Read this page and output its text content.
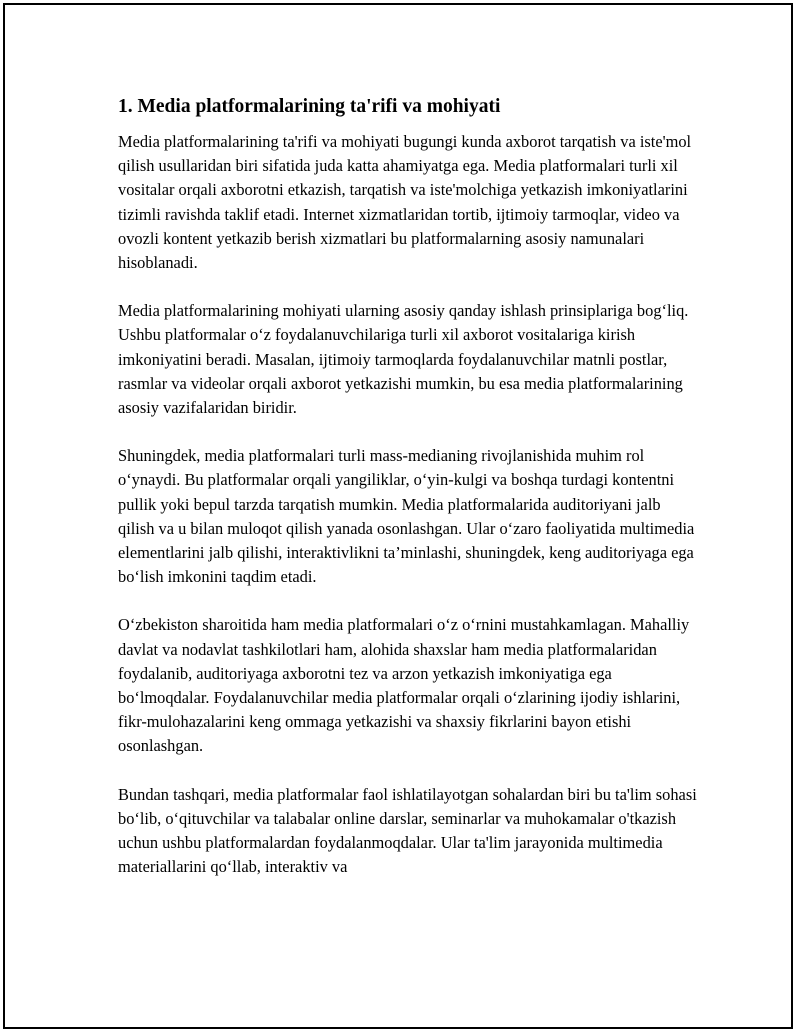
1. Media platformalarining ta'rifi va mohiyati

Media platformalarining ta'rifi va mohiyati bugungi kunda axborot tarqatish va iste'mol qilish usullaridan biri sifatida juda katta ahamiyatga ega. Media platformalari turli xil vositalar orqali axborotni etkazish, tarqatish va iste'molchiga yetkazish imkoniyatlarini tizimli ravishda taklif etadi. Internet xizmatlaridan tortib, ijtimoiy tarmoqlar, video va ovozli kontent yetkazib berish xizmatlari bu platformalarning asosiy namunalari hisoblanadi.

Media platformalarining mohiyati ularning asosiy qanday ishlash prinsiplariga bog‘liq. Ushbu platformalar o‘z foydalanuvchilariga turli xil axborot vositalariga kirish imkoniyatini beradi. Masalan, ijtimoiy tarmoqlarda foydalanuvchilar matnli postlar, rasmlar va videolar orqali axborot yetkazishi mumkin, bu esa media platformalarining asosiy vazifalaridan biridir.

Shuningdek, media platformalari turli mass-medianing rivojlanishida muhim rol o‘ynaydi. Bu platformalar orqali yangiliklar, o‘yin-kulgi va boshqa turdagi kontentni pullik yoki bepul tarzda tarqatish mumkin. Media platformalarida auditoriyani jalb qilish va u bilan muloqot qilish yanada osonlashgan. Ular o‘zaro faoliyatida multimedia elementlarini jalb qilishi, interaktivlikni ta’minlashi, shuningdek, keng auditoriyaga ega bo‘lish imkonini taqdim etadi.

O‘zbekiston sharoitida ham media platformalari o‘z o‘rnini mustahkamlagan. Mahalliy davlat va nodavlat tashkilotlari ham, alohida shaxslar ham media platformalaridan foydalanib, auditoriyaga axborotni tez va arzon yetkazish imkoniyatiga ega bo‘lmoqdalar. Foydalanuvchilar media platformalar orqali o‘zlarining ijodiy ishlarini, fikr-mulohazalarini keng ommaga yetkazishi va shaxsiy fikrlarini bayon etishi osonlashgan.

Bundan tashqari, media platformalar faol ishlatilayotgan sohalardan biri bu ta'lim sohasi bo‘lib, o‘qituvchilar va talabalar online darslar, seminarlar va muhokamalar o'tkazish uchun ushbu platformalardan foydalanmoqdalar. Ular ta'lim jarayonida multimedia materiallarini qo‘llab, interaktiv va
